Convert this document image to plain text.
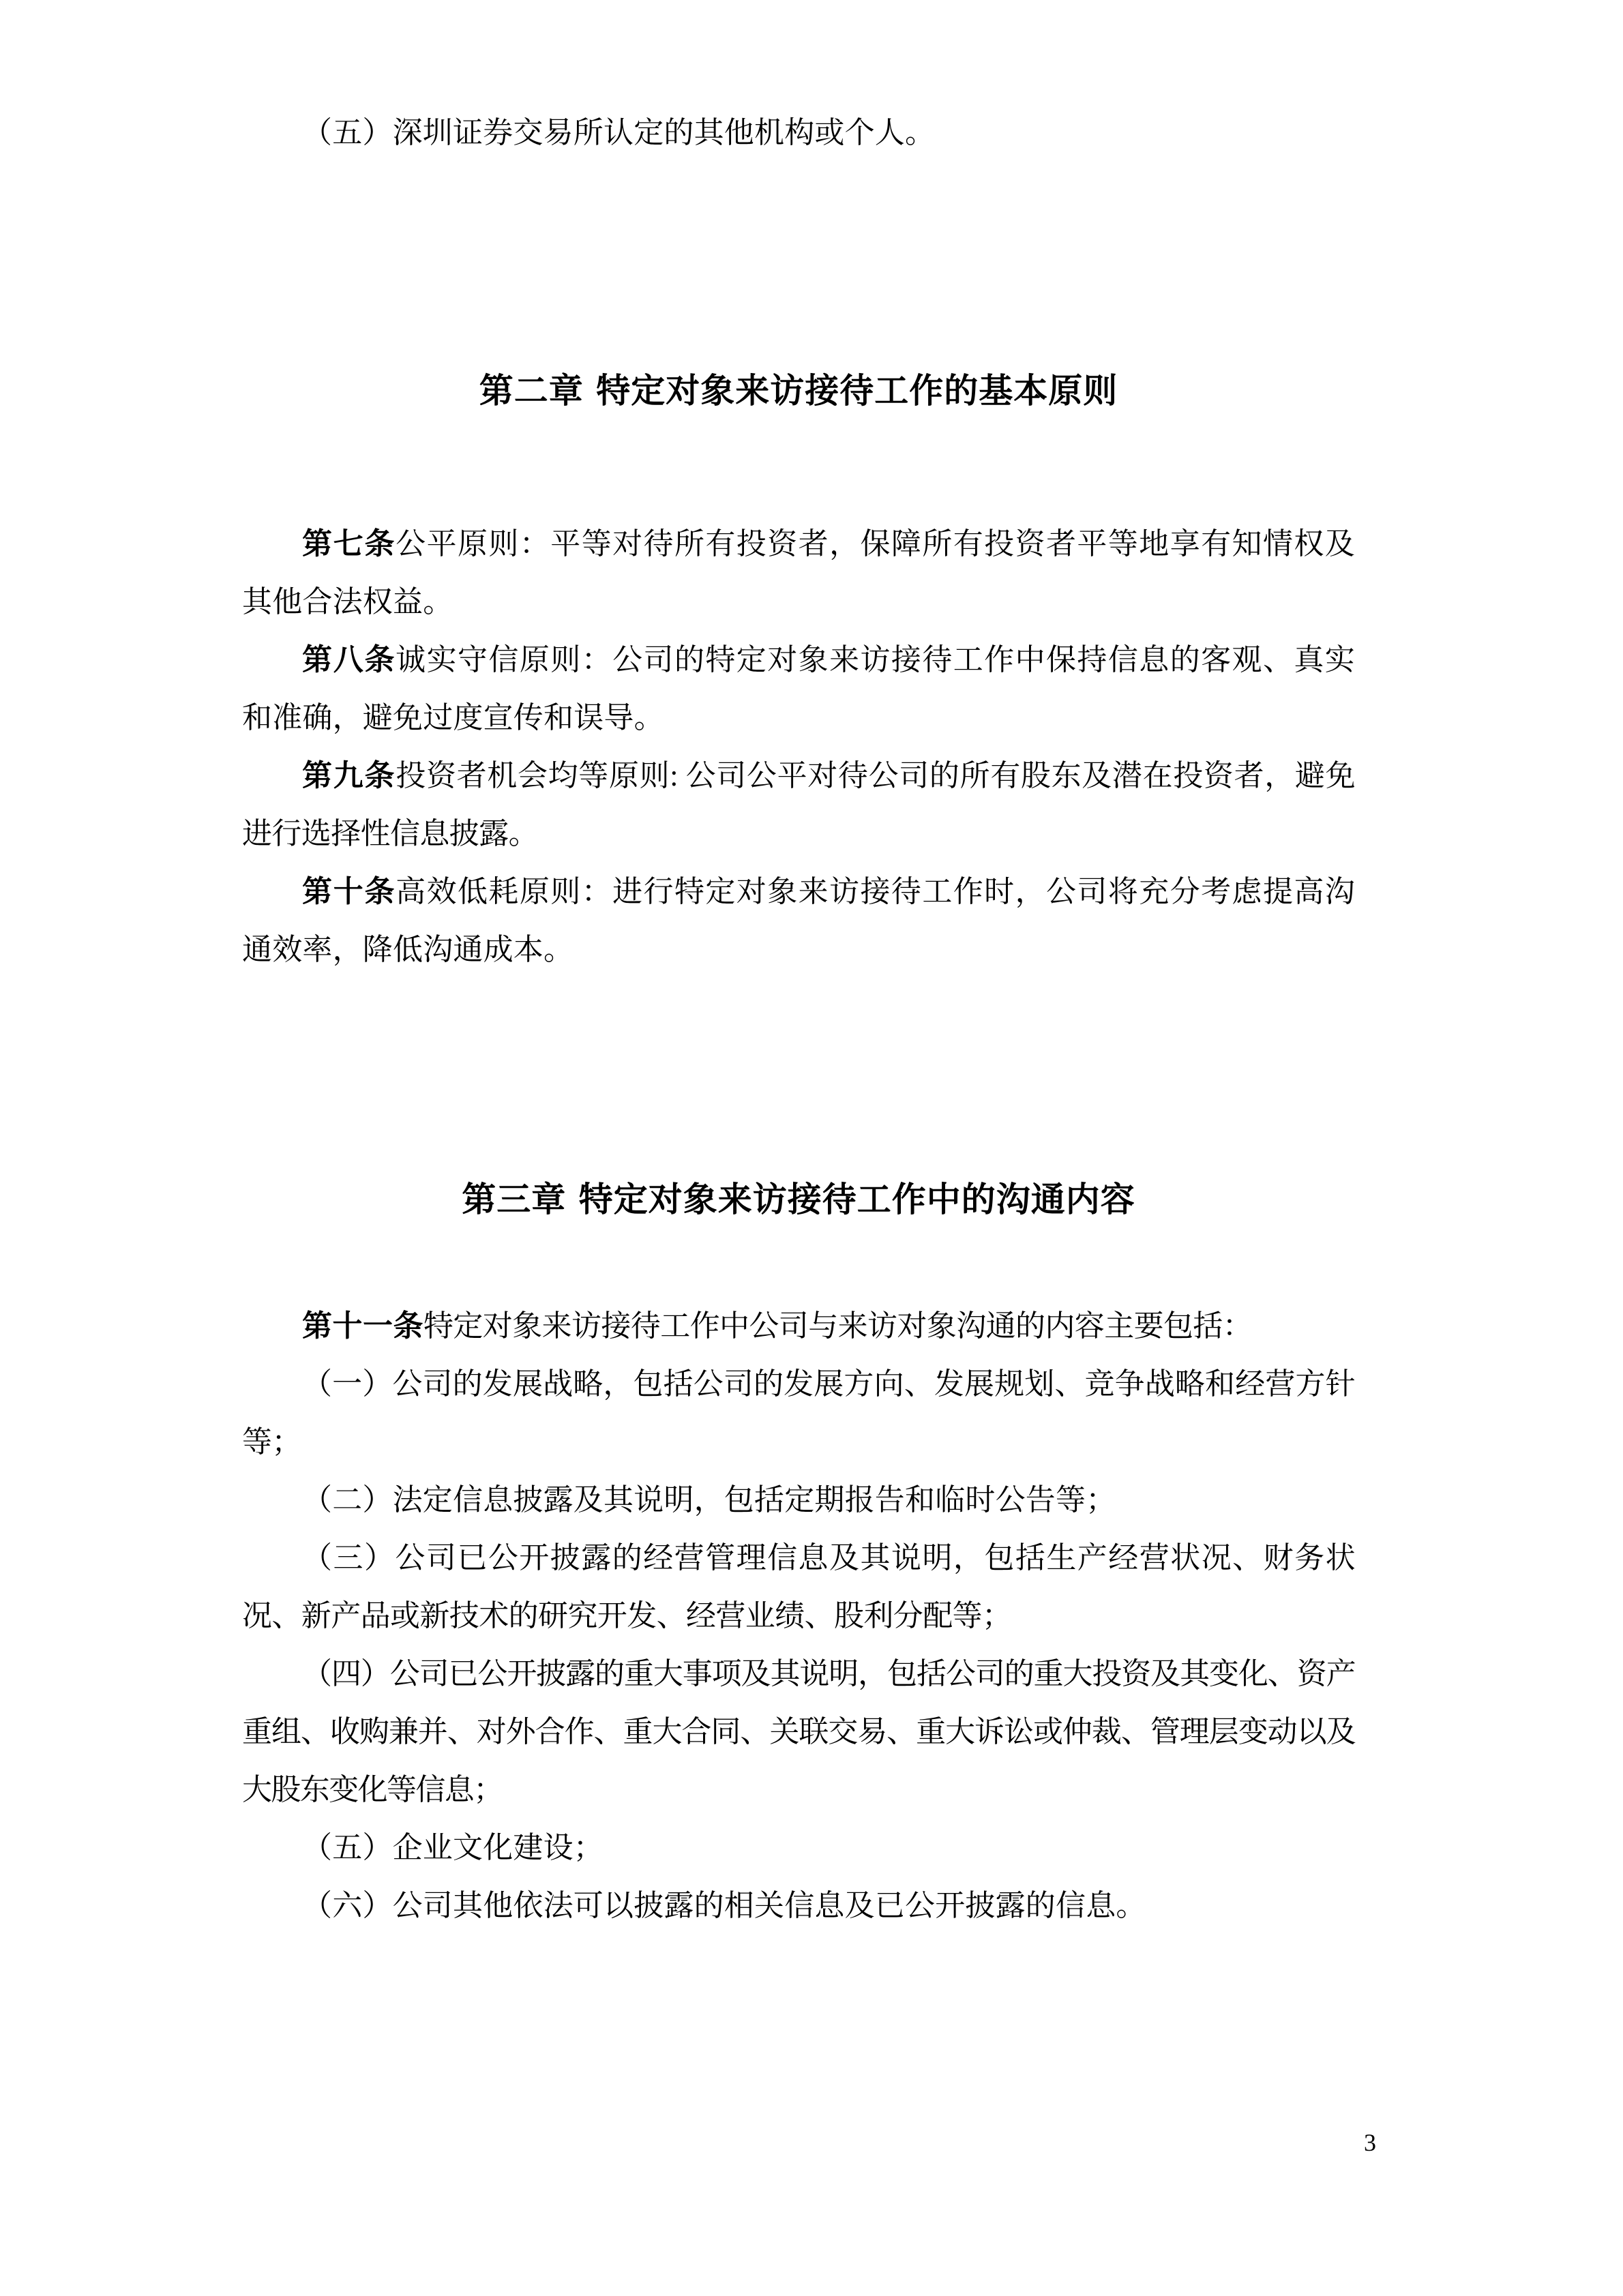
（五）深圳证券交易所认定的其他机构或个人。

第二章 特定对象来访接待工作的基本原则

第七条公平原则：平等对待所有投资者，保障所有投资者平等地享有知情权及其他合法权益。

第八条诚实守信原则：公司的特定对象来访接待工作中保持信息的客观、真实和准确，避免过度宣传和误导。

第九条投资者机会均等原则: 公司公平对待公司的所有股东及潜在投资者，避免进行选择性信息披露。

第十条高效低耗原则：进行特定对象来访接待工作时，公司将充分考虑提高沟通效率，降低沟通成本。

第三章 特定对象来访接待工作中的沟通内容

第十一条特定对象来访接待工作中公司与来访对象沟通的内容主要包括：

（一）公司的发展战略，包括公司的发展方向、发展规划、竞争战略和经营方针等；

（二）法定信息披露及其说明，包括定期报告和临时公告等；

（三）公司已公开披露的经营管理信息及其说明，包括生产经营状况、财务状况、新产品或新技术的研究开发、经营业绩、股利分配等；

（四）公司已公开披露的重大事项及其说明，包括公司的重大投资及其变化、资产重组、收购兼并、对外合作、重大合同、关联交易、重大诉讼或仲裁、管理层变动以及大股东变化等信息；

（五）企业文化建设；

（六）公司其他依法可以披露的相关信息及已公开披露的信息。

3
